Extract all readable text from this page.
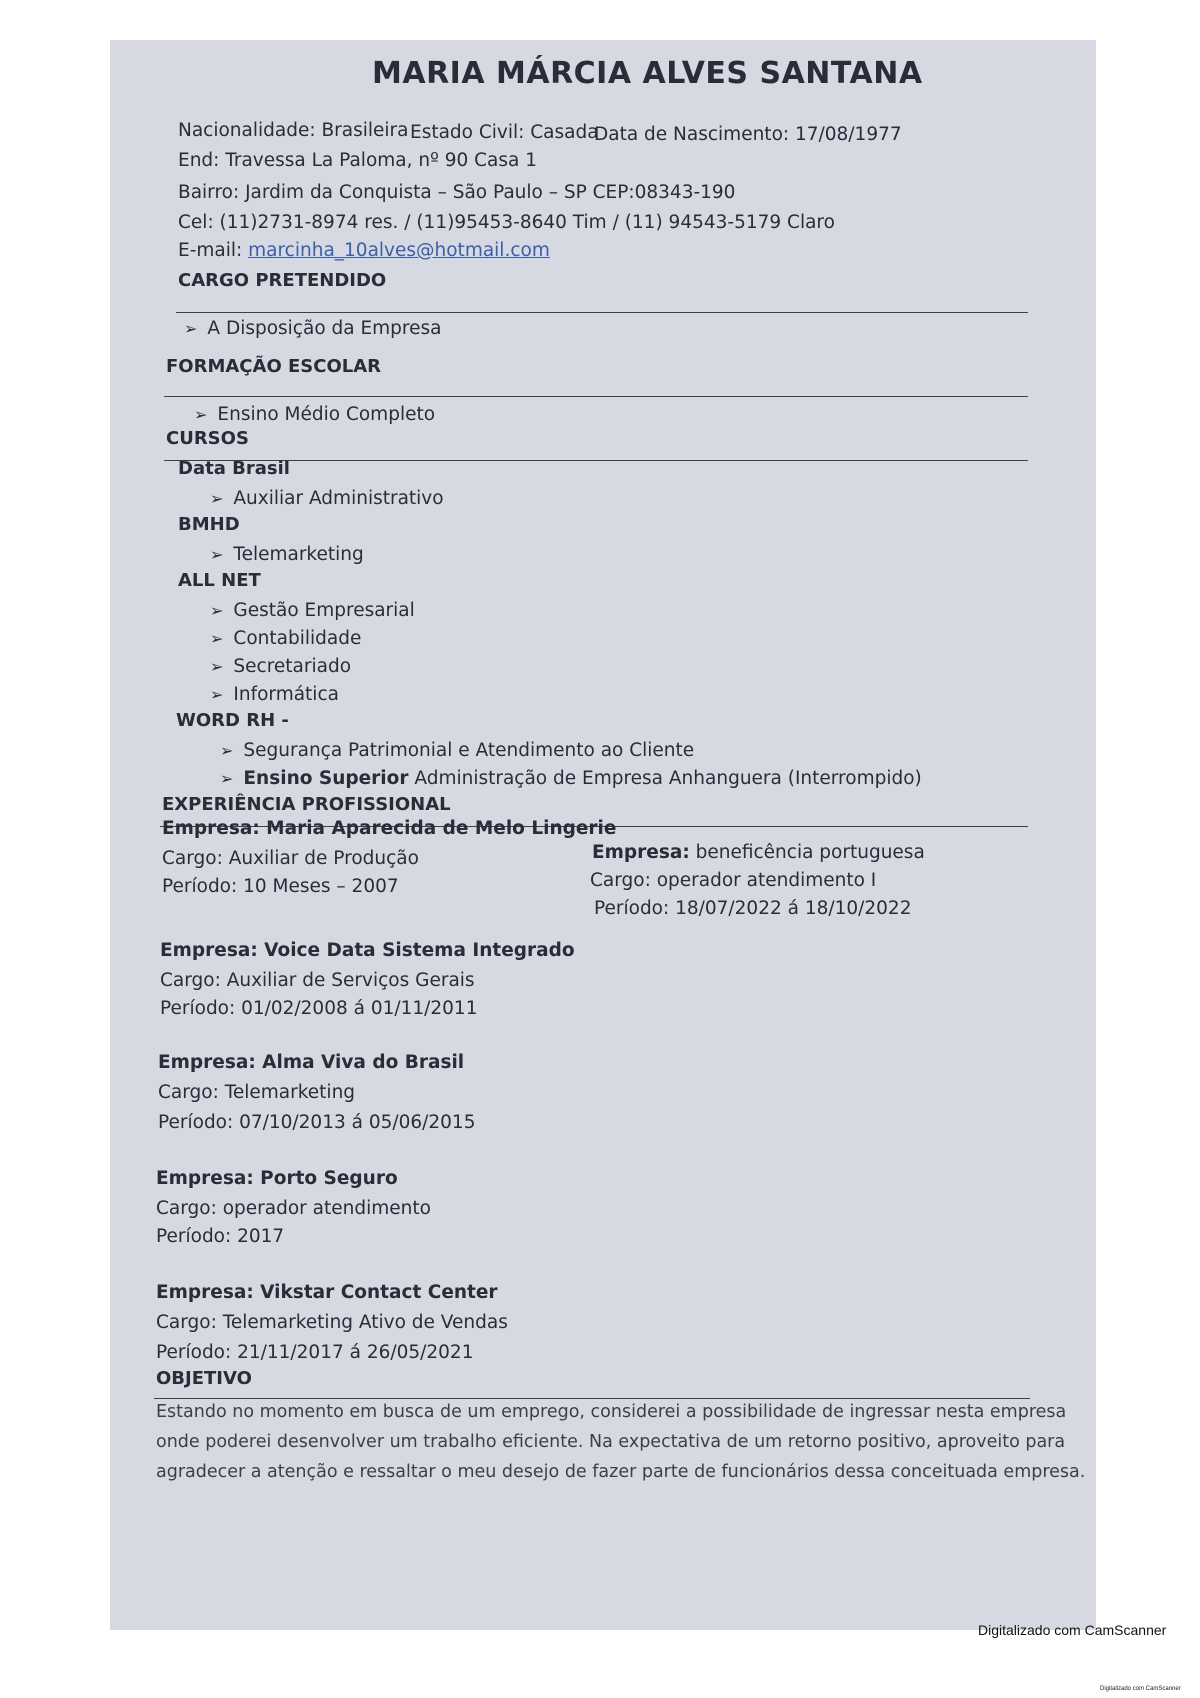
MARIA MÁRCIA ALVES SANTANA
Nacionalidade: Brasileira Estado Civil: Casada
Data de Nascimento: 17/08/1977
End: Travessa La Paloma, nº 90 Casa 1
Bairro: Jardim da Conquista – São Paulo – SP CEP:08343-190
Cel: (11)2731-8974 res. / (11)95453-8640 Tim / (11) 94543-5179 Claro
E-mail: marcinha_10alves@hotmail.com
CARGO PRETENDIDO
➢ A Disposição da Empresa
FORMAÇÃO ESCOLAR
➢ Ensino Médio Completo
CURSOS
Data Brasil
➢ Auxiliar Administrativo
BMHD
➢ Telemarketing
ALL NET
➢ Gestão Empresarial
➢ Contabilidade
➢ Secretariado
➢ Informática
WORD RH -
➢ Segurança Patrimonial e Atendimento ao Cliente
➢ Ensino Superior Administração de Empresa Anhanguera (Interrompido)
EXPERIÊNCIA PROFISSIONAL
Empresa: Maria Aparecida de Melo Lingerie
Cargo: Auxiliar de Produção
Período: 10 Meses – 2007
Empresa: beneficência portuguesa
Cargo: operador atendimento I
Período: 18/07/2022 á 18/10/2022
Empresa: Voice Data Sistema Integrado
Cargo: Auxiliar de Serviços Gerais
Período: 01/02/2008 á 01/11/2011
Empresa: Alma Viva do Brasil
Cargo: Telemarketing
Período: 07/10/2013 á 05/06/2015
Empresa: Porto Seguro
Cargo: operador atendimento
Período: 2017
Empresa: Vikstar Contact Center
Cargo: Telemarketing Ativo de Vendas
Período: 21/11/2017 á 26/05/2021
OBJETIVO
Estando no momento em busca de um emprego, considerei a possibilidade de ingressar nesta empresa
onde poderei desenvolver um trabalho eficiente. Na expectativa de um retorno positivo, aproveito para
agradecer a atenção e ressaltar o meu desejo de fazer parte de funcionários dessa conceituada empresa.
Digitalizado com CamScanner
Digitalizado com CamScanner
